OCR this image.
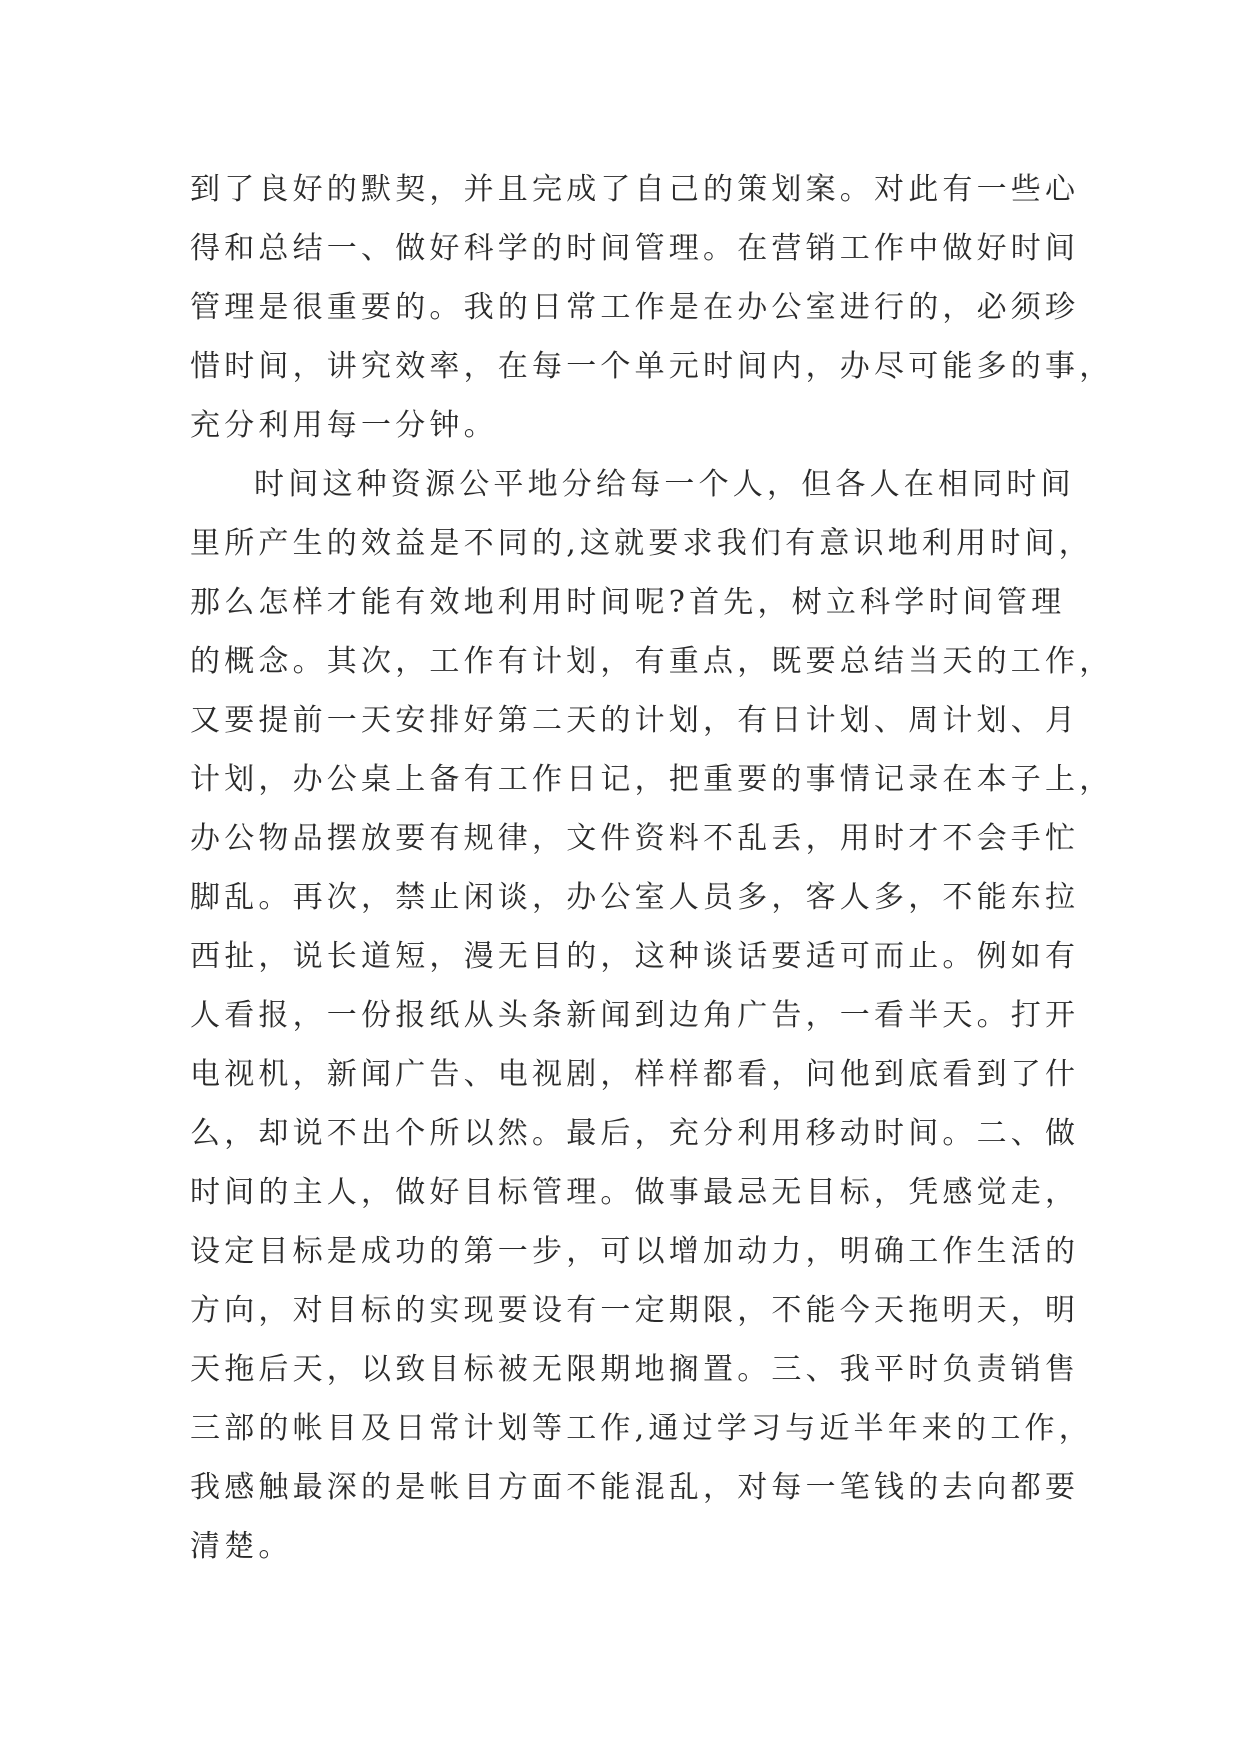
到了良好的默契，并且完成了自己的策划案。对此有一些心
得和总结一、做好科学的时间管理。在营销工作中做好时间
管理是很重要的。我的日常工作是在办公室进行的，必须珍
惜时间，讲究效率，在每一个单元时间内，办尽可能多的事，
充分利用每一分钟。
时间这种资源公平地分给每一个人，但各人在相同时间
里所产生的效益是不同的,这就要求我们有意识地利用时间，
那么怎样才能有效地利用时间呢?首先，树立科学时间管理
的概念。其次，工作有计划，有重点，既要总结当天的工作，
又要提前一天安排好第二天的计划，有日计划、周计划、月
计划，办公桌上备有工作日记，把重要的事情记录在本子上，
办公物品摆放要有规律，文件资料不乱丢，用时才不会手忙
脚乱。再次，禁止闲谈，办公室人员多，客人多，不能东拉
西扯，说长道短，漫无目的，这种谈话要适可而止。例如有
人看报，一份报纸从头条新闻到边角广告，一看半天。打开
电视机，新闻广告、电视剧，样样都看，问他到底看到了什
么，却说不出个所以然。最后，充分利用移动时间。二、做
时间的主人，做好目标管理。做事最忌无目标，凭感觉走，
设定目标是成功的第一步，可以增加动力，明确工作生活的
方向，对目标的实现要设有一定期限，不能今天拖明天，明
天拖后天，以致目标被无限期地搁置。三、我平时负责销售
三部的帐目及日常计划等工作,通过学习与近半年来的工作，
我感触最深的是帐目方面不能混乱，对每一笔钱的去向都要
清楚。
